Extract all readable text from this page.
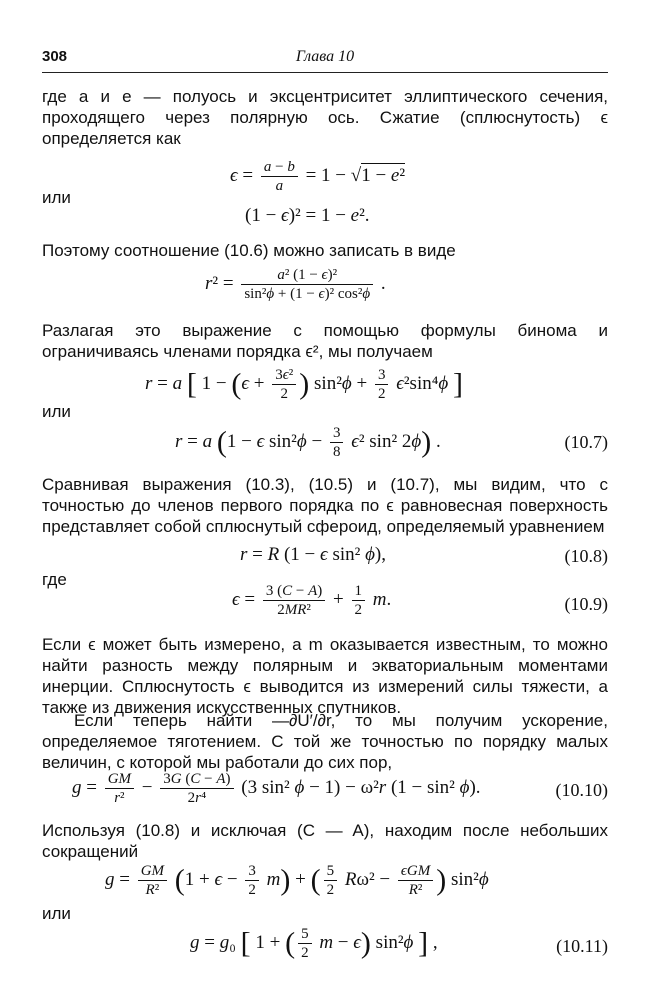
308	Глава 10
где a и e — полуось и эксцентриситет эллиптического сечения, проходящего через полярную ось. Сжатие (сплюснутость) ϵ определяется как
$\epsilon = \frac{a - b}{a} = 1 - √1 - e^2$
или
(1 − ϵ)² = 1 − e².
Поэтому соотношение (10.6) можно записать в виде
$r^2 = \frac{\text{a² (1 − ϵ)²}}{\text{sin²ϕ + (1 − ϵ)² cos²ϕ}}$ .
Разлагая это выражение с помощью формулы бинома и ограничиваясь членами порядка ϵ², мы получаем
r = a [ $1 - (\epsilon + \frac{\text{3ϵ²}}{2}$ ) $\sin^2\phi + \frac{3}{2} \epsilon^2\sin^4\phi$ ]
или
r = a (1 − ϵ $\sin^2\phi - \frac{3}{8} \epsilon^2$ sin² 2ϕ) .	(10.7)
Сравнивая выражения (10.3), (10.5) и (10.7), мы видим, что с точностью до членов первого порядка по ϵ равновесная поверхность представляет собой сплюснутый сфероид, определяемый уравнением
r = R (1 − ϵ sin² ϕ),	(10.8)
где
$\epsilon = \frac{3 (C - A)}{\text{2MR²}} + \frac{1}{2} m$.	(10.9)
Если ϵ может быть измерено, а m оказывается известным, то можно найти разность между полярным и экваториальным моментами инерции. Сплюснутость ϵ выводится из измерений силы тяжести, а также из движения искусственных спутников.
Если теперь найти —∂U′/∂r, то мы получим ускорение, определяемое тяготением. С той же точностью по порядку малых величин, с которой мы работали до сих пор,
$g = \frac{GM}{\text{r²}} - \frac{3G (C - A)}{\text{2r⁴}} (3$ sin² ϕ − 1) − ω²r (1 − sin² ϕ).	(10.10)
Используя (10.8) и исключая (C — A), находим после небольших сокращений
$g = \frac{GM}{\text{R²}} (1 + \epsilon - \frac{3}{2} m)$ + ( $\frac{5}{2} R\omega^2 - \frac{\text{ϵGM}}{\text{R²}}$ ) sin²ϕ
или
g = g₀ [ 1 + ( $\frac{5}{2}$ m − ϵ) sin²ϕ ] ,	(10.11)
